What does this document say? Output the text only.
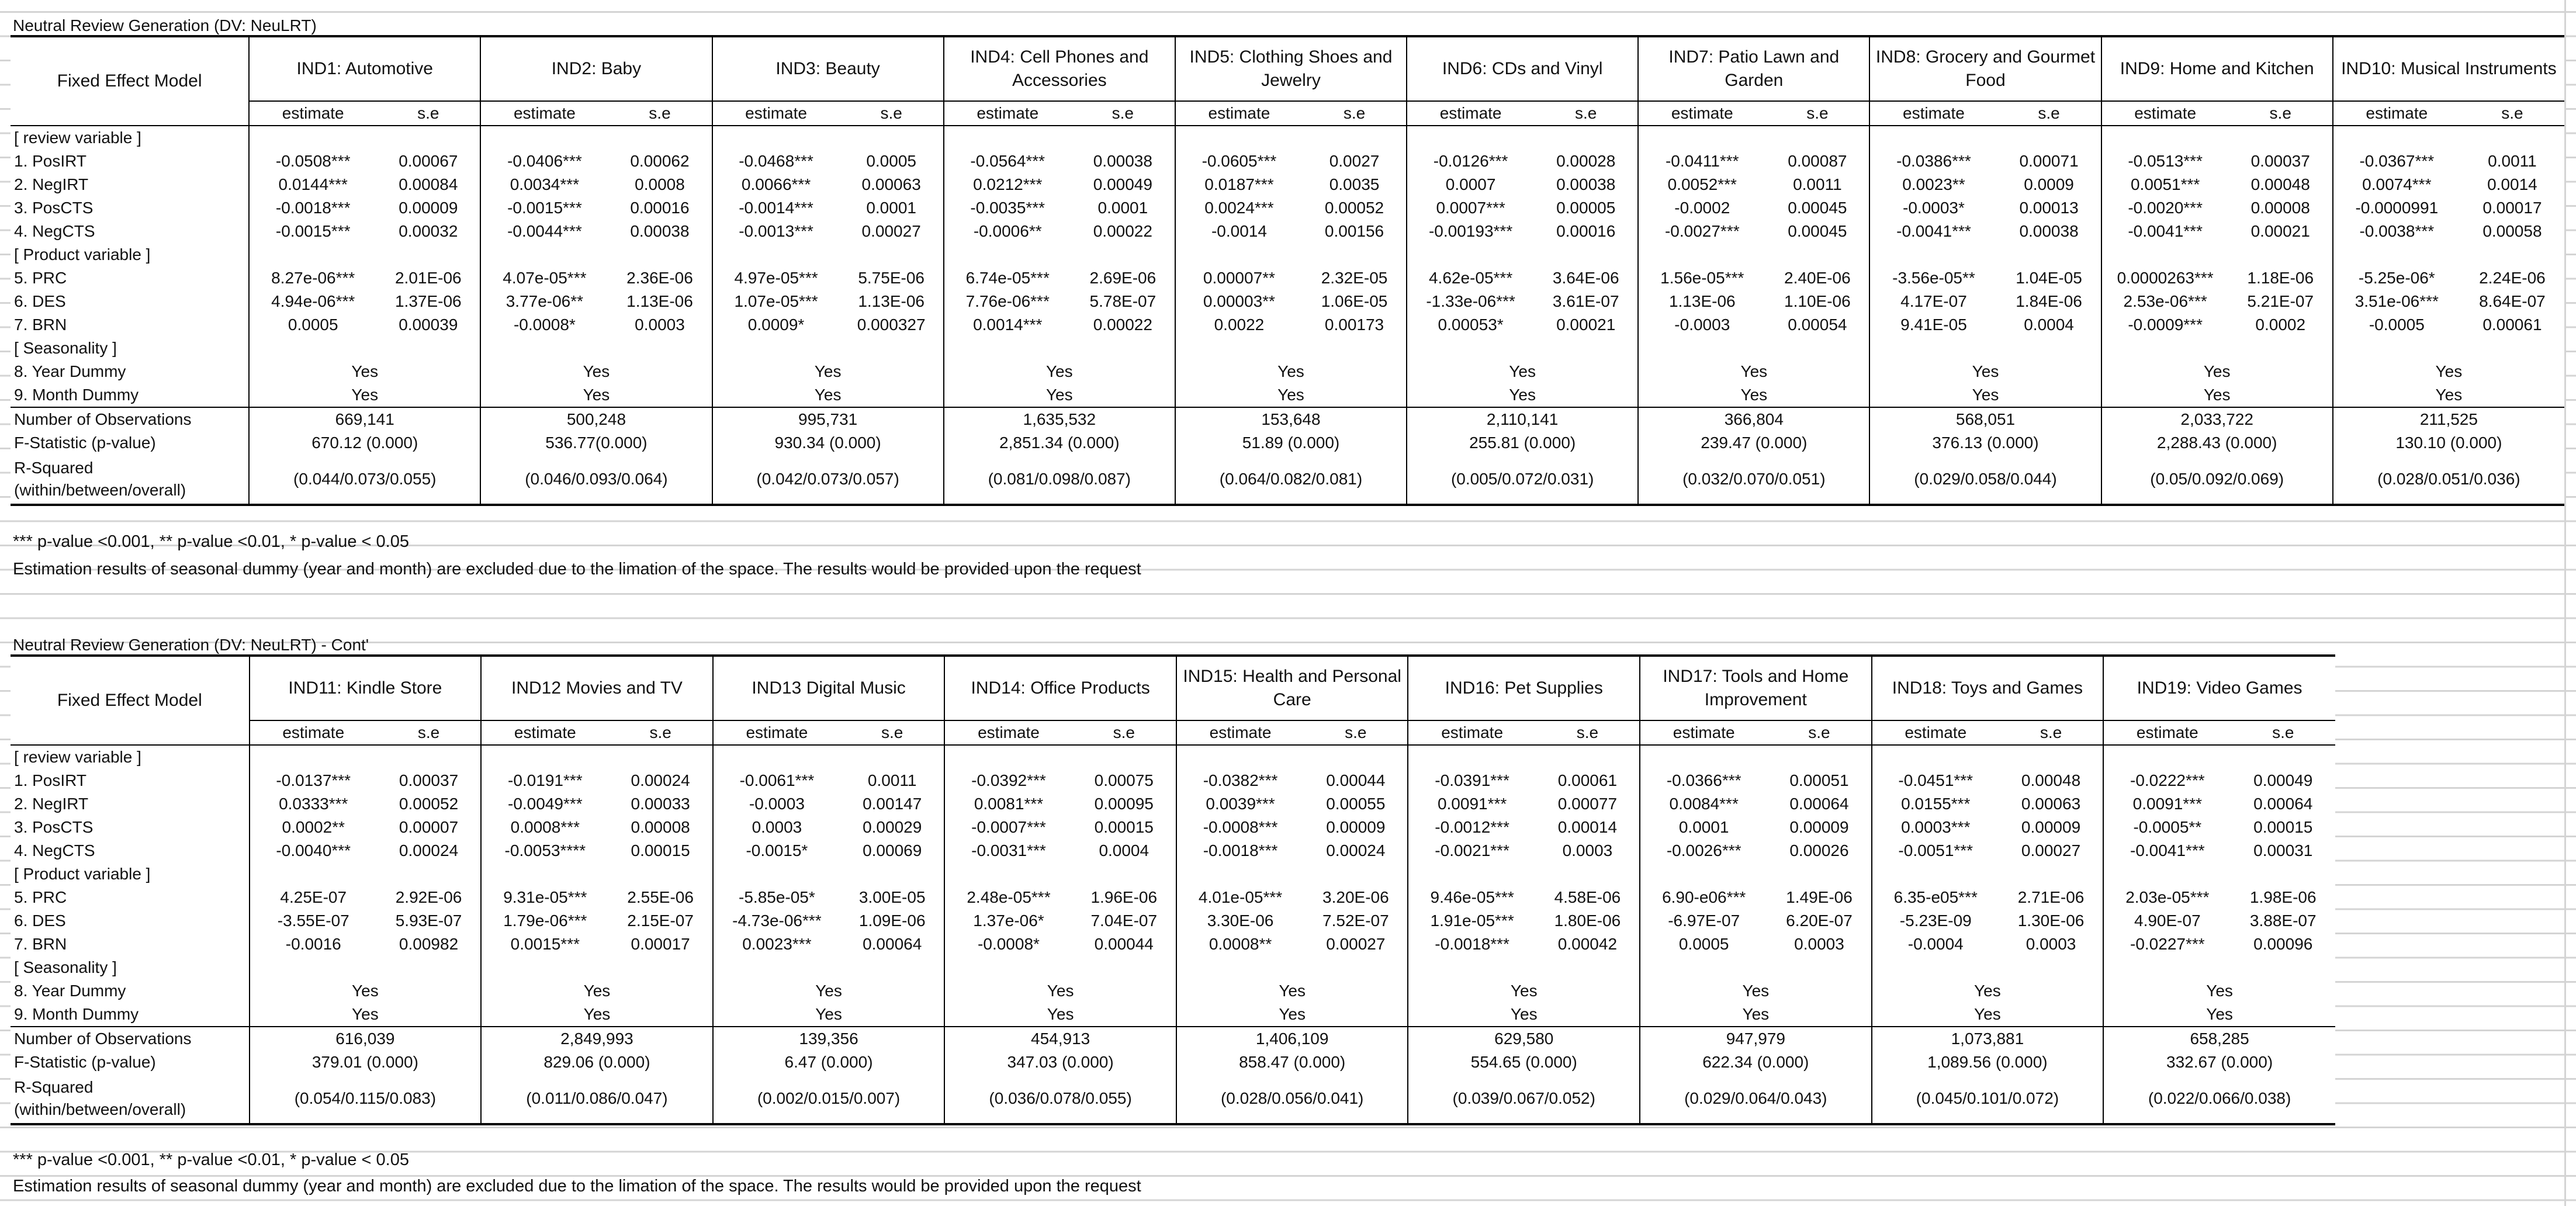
Neutral Review Generation (DV: NeuLRT)
Fixed Effect Model	IND1: Automotive		IND2: Baby		IND3: Beauty		IND4: Cell Phones and Accessories		IND5: Clothing Shoes and Jewelry		IND6: CDs and Vinyl		IND7: Patio Lawn and Garden		IND8: Grocery and Gourmet Food		IND9: Home and Kitchen		IND10: Musical Instruments	
	estimate	s.e	estimate	s.e	estimate	s.e	estimate	s.e	estimate	s.e	estimate	s.e	estimate	s.e	estimate	s.e	estimate	s.e	estimate	s.e
[ review variable ]																				
1. PosIRT	-0.0508***	0.00067	-0.0406***	0.00062	-0.0468***	0.0005	-0.0564***	0.00038	-0.0605***	0.0027	-0.0126***	0.00028	-0.0411***	0.00087	-0.0386***	0.00071	-0.0513***	0.00037	-0.0367***	0.0011
2. NegIRT	0.0144***	0.00084	0.0034***	0.0008	0.0066***	0.00063	0.0212***	0.00049	0.0187***	0.0035	0.0007	0.00038	0.0052***	0.0011	0.0023**	0.0009	0.0051***	0.00048	0.0074***	0.0014
3. PosCTS	-0.0018***	0.00009	-0.0015***	0.00016	-0.0014***	0.0001	-0.0035***	0.0001	0.0024***	0.00052	0.0007***	0.00005	-0.0002	0.00045	-0.0003*	0.00013	-0.0020***	0.00008	-0.0000991	0.00017
4. NegCTS	-0.0015***	0.00032	-0.0044***	0.00038	-0.0013***	0.00027	-0.0006**	0.00022	-0.0014	0.00156	-0.00193***	0.00016	-0.0027***	0.00045	-0.0041***	0.00038	-0.0041***	0.00021	-0.0038***	0.00058
[ Product variable ]																				
5. PRC	8.27e-06***	2.01E-06	4.07e-05***	2.36E-06	4.97e-05***	5.75E-06	6.74e-05***	2.69E-06	0.00007**	2.32E-05	4.62e-05***	3.64E-06	1.56e-05***	2.40E-06	-3.56e-05**	1.04E-05	0.0000263***	1.18E-06	-5.25e-06*	2.24E-06
6. DES	4.94e-06***	1.37E-06	3.77e-06**	1.13E-06	1.07e-05***	1.13E-06	7.76e-06***	5.78E-07	0.00003**	1.06E-05	-1.33e-06***	3.61E-07	1.13E-06	1.10E-06	4.17E-07	1.84E-06	2.53e-06***	5.21E-07	3.51e-06***	8.64E-07
7. BRN	0.0005	0.00039	-0.0008*	0.0003	0.0009*	0.000327	0.0014***	0.00022	0.0022	0.00173	0.00053*	0.00021	-0.0003	0.00054	9.41E-05	0.0004	-0.0009***	0.0002	-0.0005	0.00061
[ Seasonality ]																				
8. Year Dummy	Yes		Yes		Yes		Yes		Yes		Yes		Yes		Yes		Yes		Yes	
9. Month Dummy	Yes		Yes		Yes		Yes		Yes		Yes		Yes		Yes		Yes		Yes	
Number of Observations	669,141		500,248		995,731		1,635,532		153,648		2,110,141		366,804		568,051		2,033,722		211,525	
F-Statistic (p-value)	670.12 (0.000)		536.77(0.000)		930.34 (0.000)		2,851.34 (0.000)		51.89 (0.000)		255.81 (0.000)		239.47 (0.000)		376.13 (0.000)		2,288.43 (0.000)		130.10 (0.000)	
R-Squared (within/between/overall)	(0.044/0.073/0.055)		(0.046/0.093/0.064)		(0.042/0.073/0.057)		(0.081/0.098/0.087)		(0.064/0.082/0.081)		(0.005/0.072/0.031)		(0.032/0.070/0.051)		(0.029/0.058/0.044)		(0.05/0.092/0.069)		(0.028/0.051/0.036)	
*** p-value <0.001, ** p-value <0.01, * p-value < 0.05
Estimation results of seasonal dummy (year and month) are excluded due to the limation of the space. The results would be provided upon the request
Neutral Review Generation (DV: NeuLRT) - Cont'
Fixed Effect Model	IND11: Kindle Store		IND12 Movies and TV		IND13 Digital Music		IND14: Office Products		IND15: Health and Personal Care		IND16: Pet Supplies		IND17: Tools and Home Improvement		IND18: Toys and Games		IND19: Video Games	
	estimate	s.e	estimate	s.e	estimate	s.e	estimate	s.e	estimate	s.e	estimate	s.e	estimate	s.e	estimate	s.e	estimate	s.e
[ review variable ]																		
1. PosIRT	-0.0137***	0.00037	-0.0191***	0.00024	-0.0061***	0.0011	-0.0392***	0.00075	-0.0382***	0.00044	-0.0391***	0.00061	-0.0366***	0.00051	-0.0451***	0.00048	-0.0222***	0.00049
2. NegIRT	0.0333***	0.00052	-0.0049***	0.00033	-0.0003	0.00147	0.0081***	0.00095	0.0039***	0.00055	0.0091***	0.00077	0.0084***	0.00064	0.0155***	0.00063	0.0091***	0.00064
3. PosCTS	0.0002**	0.00007	0.0008***	0.00008	0.0003	0.00029	-0.0007***	0.00015	-0.0008***	0.00009	-0.0012***	0.00014	0.0001	0.00009	0.0003***	0.00009	-0.0005**	0.00015
4. NegCTS	-0.0040***	0.00024	-0.0053****	0.00015	-0.0015*	0.00069	-0.0031***	0.0004	-0.0018***	0.00024	-0.0021***	0.0003	-0.0026***	0.00026	-0.0051***	0.00027	-0.0041***	0.00031
[ Product variable ]																		
5. PRC	4.25E-07	2.92E-06	9.31e-05***	2.55E-06	-5.85e-05*	3.00E-05	2.48e-05***	1.96E-06	4.01e-05***	3.20E-06	9.46e-05***	4.58E-06	6.90-e06***	1.49E-06	6.35-e05***	2.71E-06	2.03e-05***	1.98E-06
6. DES	-3.55E-07	5.93E-07	1.79e-06***	2.15E-07	-4.73e-06***	1.09E-06	1.37e-06*	7.04E-07	3.30E-06	7.52E-07	1.91e-05***	1.80E-06	-6.97E-07	6.20E-07	-5.23E-09	1.30E-06	4.90E-07	3.88E-07
7. BRN	-0.0016	0.00982	0.0015***	0.00017	0.0023***	0.00064	-0.0008*	0.00044	0.0008**	0.00027	-0.0018***	0.00042	0.0005	0.0003	-0.0004	0.0003	-0.0227***	0.00096
[ Seasonality ]																		
8. Year Dummy	Yes		Yes		Yes		Yes		Yes		Yes		Yes		Yes		Yes	
9. Month Dummy	Yes		Yes		Yes		Yes		Yes		Yes		Yes		Yes		Yes	
Number of Observations	616,039		2,849,993		139,356		454,913		1,406,109		629,580		947,979		1,073,881		658,285	
F-Statistic (p-value)	379.01 (0.000)		829.06 (0.000)		6.47 (0.000)		347.03 (0.000)		858.47 (0.000)		554.65 (0.000)		622.34 (0.000)		1,089.56 (0.000)		332.67 (0.000)	
R-Squared (within/between/overall)	(0.054/0.115/0.083)		(0.011/0.086/0.047)		(0.002/0.015/0.007)		(0.036/0.078/0.055)		(0.028/0.056/0.041)		(0.039/0.067/0.052)		(0.029/0.064/0.043)		(0.045/0.101/0.072)		(0.022/0.066/0.038)	
*** p-value <0.001, ** p-value <0.01, * p-value < 0.05
Estimation results of seasonal dummy (year and month) are excluded due to the limation of the space. The results would be provided upon the request
